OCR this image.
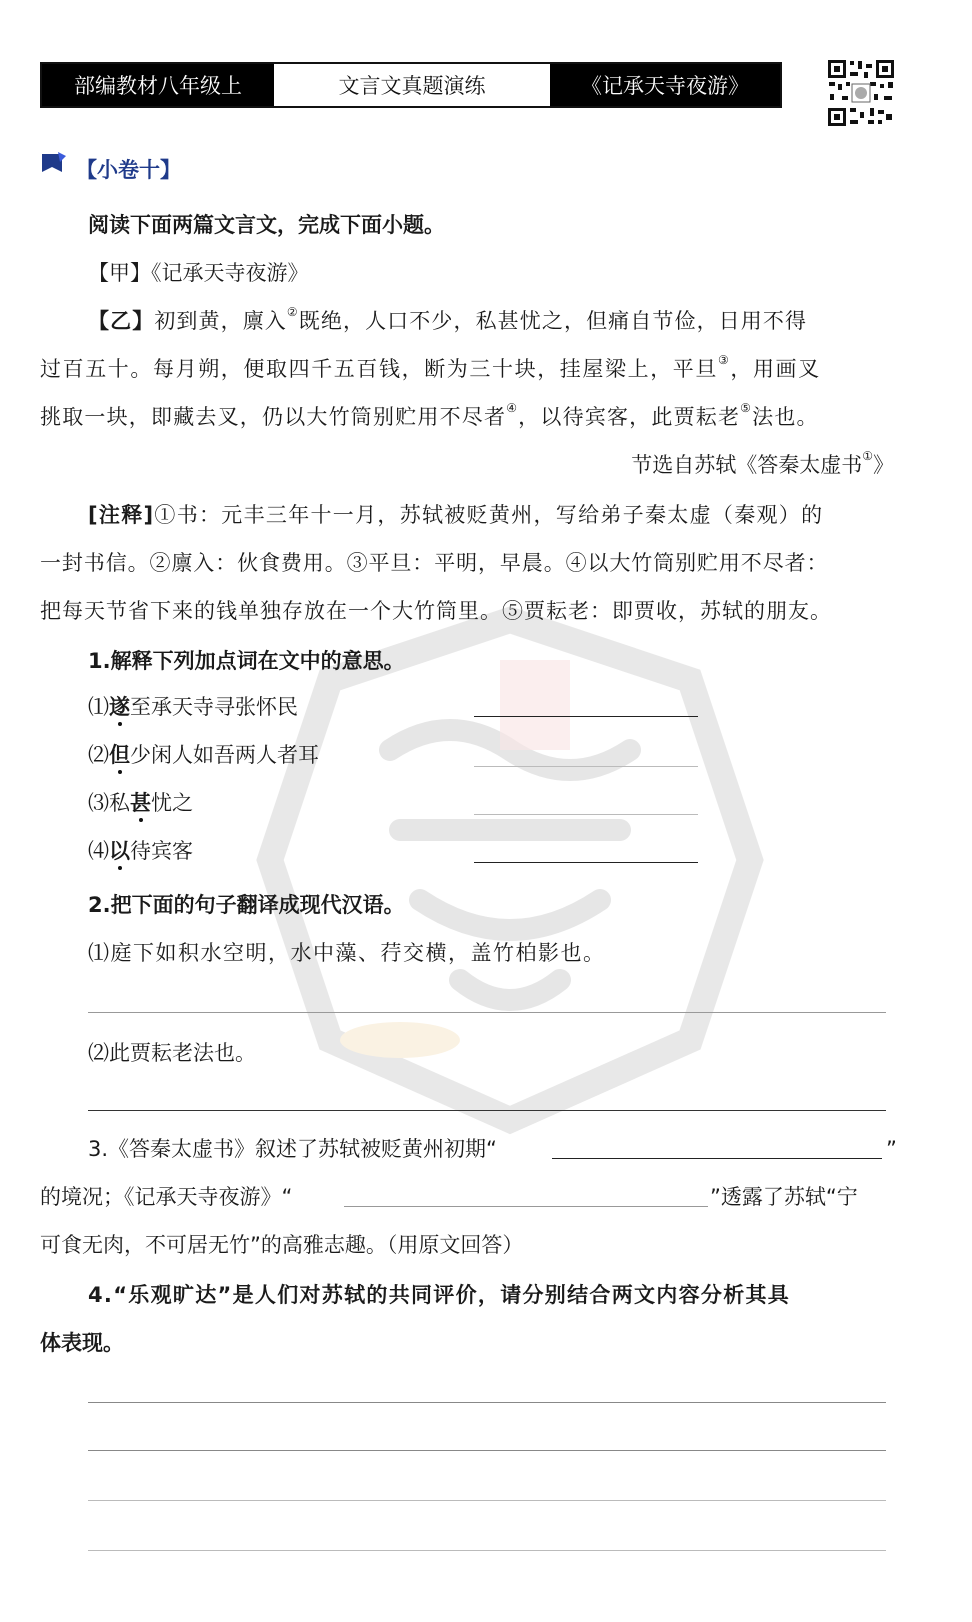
部编教材八年级上	文言文真题演练	《记承天寺夜游》
【小卷十】
阅读下面两篇文言文，完成下面小题。
【甲】《记承天寺夜游》
【乙】初到黄，廪入②既绝，人口不少，私甚忧之，但痛自节俭，日用不得
过百五十。每月朔，便取四千五百钱，断为三十块，挂屋梁上，平旦③，用画叉
挑取一块，即藏去叉，仍以大竹筒别贮用不尽者④，以待宾客，此贾耘老⑤法也。
节选自苏轼《答秦太虚书①》
[注释]①书：元丰三年十一月，苏轼被贬黄州，写给弟子秦太虚（秦观）的
一封书信。②廪入：伙食费用。③平旦：平明，早晨。④以大竹筒别贮用不尽者：
把每天节省下来的钱单独存放在一个大竹筒里。⑤贾耘老：即贾收，苏轼的朋友。
1.解释下列加点词在文中的意思。
⑴遂至承天寺寻张怀民
⑵但少闲人如吾两人者耳
⑶私甚忧之
⑷以待宾客
2.把下面的句子翻译成现代汉语。
⑴庭下如积水空明，水中藻、荇交横，盖竹柏影也。
⑵此贾耘老法也。
3.《答秦太虚书》叙述了苏轼被贬黄州初期“	”
的境况；《记承天寺夜游》“	”透露了苏轼“宁
可食无肉，不可居无竹”的高雅志趣。（用原文回答）
4.“乐观旷达”是人们对苏轼的共同评价，请分别结合两文内容分析其具
体表现。
